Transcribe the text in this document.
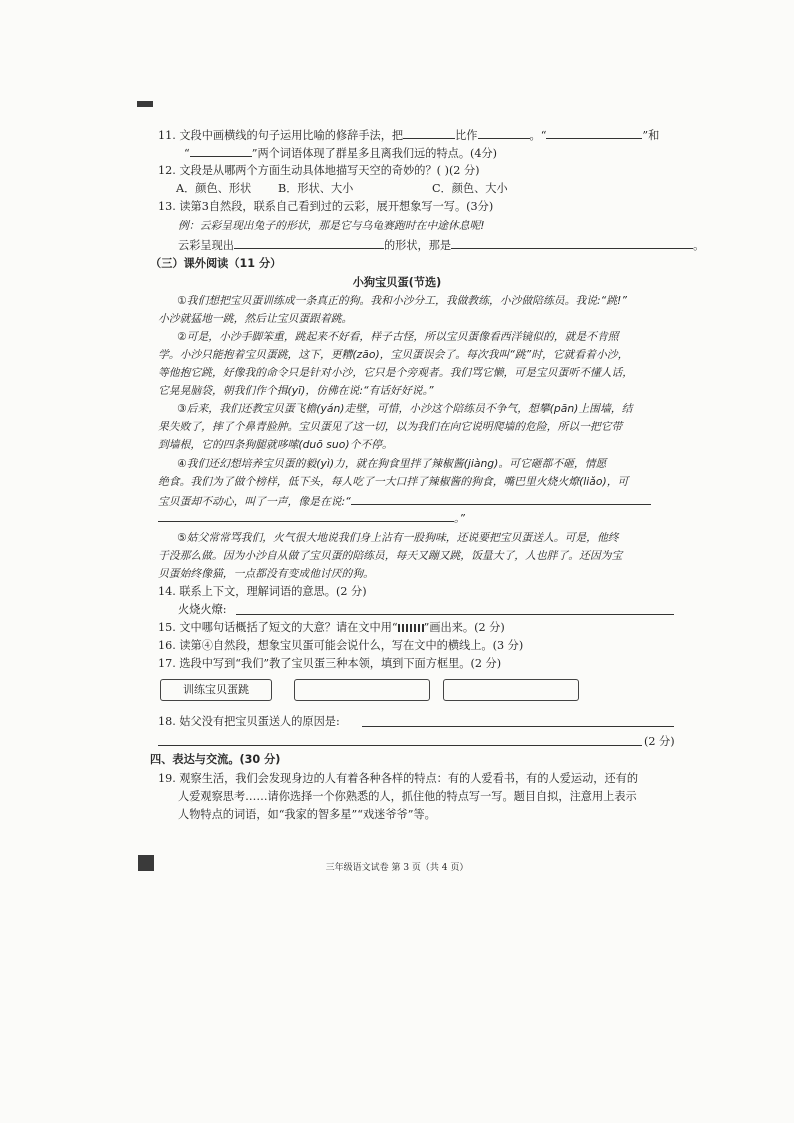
11. 文段中画横线的句子运用比喻的修辞手法，把	比作	。“	”和
“	”两个词语体现了群星多且离我们远的特点。(4分)
12. 文段是从哪两个方面生动具体地描写天空的奇妙的？( )(2 分)
A．颜色、形状 B．形状、大小	C．颜色、大小
13. 读第3自然段，联系自己看到过的云彩，展开想象写一写。(3分)
例：云彩呈现出兔子的形状，那是它与乌龟赛跑时在中途休息呢!
云彩呈现出	的形状，那是	。
（三）课外阅读（11 分）
小狗宝贝蛋(节选)
①我们想把宝贝蛋训练成一条真正的狗。我和小沙分工，我做教练，小沙做陪练员。我说:“跳!”
小沙就猛地一跳，然后让宝贝蛋跟着跳。
②可是，小沙手脚笨重，跳起来不好看，样子古怪，所以宝贝蛋像看西洋镜似的，就是不肯照
学。小沙只能抱着宝贝蛋跳，这下，更糟(zāo)，宝贝蛋误会了。每次我叫“跳”时，它就看着小沙，
等他抱它跳，好像我的命令只是针对小沙，它只是个旁观者。我们骂它懒，可是宝贝蛋听不懂人话，
它晃晃脑袋，朝我们作个揖(yī)，仿佛在说:“有话好好说。”
③后来，我们还教宝贝蛋飞檐(yán)走壁，可惜，小沙这个陪练员不争气，想攀(pān)上围墙，结
果失败了，摔了个鼻青脸肿。宝贝蛋见了这一切，以为我们在向它说明爬墙的危险，所以一把它带
到墙根，它的四条狗腿就哆嗦(duō suo)个不停。
④我们还幻想培养宝贝蛋的毅(yì)力，就在狗食里拌了辣椒酱(jiàng)。可它砸都不砸，情愿
绝食。我们为了做个榜样，低下头，每人吃了一大口拌了辣椒酱的狗食，嘴巴里火烧火燎(liǎo)，可
宝贝蛋却不动心，叫了一声，像是在说:“
。”
⑤姑父常常骂我们，火气很大地说我们身上沾有一股狗味，还说要把宝贝蛋送人。可是，他终
于没那么做。因为小沙自从做了宝贝蛋的陪练员，每天又蹦又跳，饭量大了，人也胖了。还因为宝
贝蛋始终像猫，一点都没有变成他讨厌的狗。
14. 联系上下文，理解词语的意思。(2 分)
火烧火燎:
15. 文中哪句话概括了短文的大意？请在文中用“ ”画出来。(2 分)
16. 读第④自然段，想象宝贝蛋可能会说什么，写在文中的横线上。(3 分)
17. 选段中写到“我们”教了宝贝蛋三种本领，填到下面方框里。(2 分)
训练宝贝蛋跳
18. 姑父没有把宝贝蛋送人的原因是:
(2 分)
四、表达与交流。(30 分)
19. 观察生活，我们会发现身边的人有着各种各样的特点：有的人爱看书，有的人爱运动，还有的
人爱观察思考……请你选择一个你熟悉的人，抓住他的特点写一写。题目自拟，注意用上表示
人物特点的词语，如“我家的智多星”“戏迷爷爷”等。
三年级语文试卷 第 3 页（共 4 页）
